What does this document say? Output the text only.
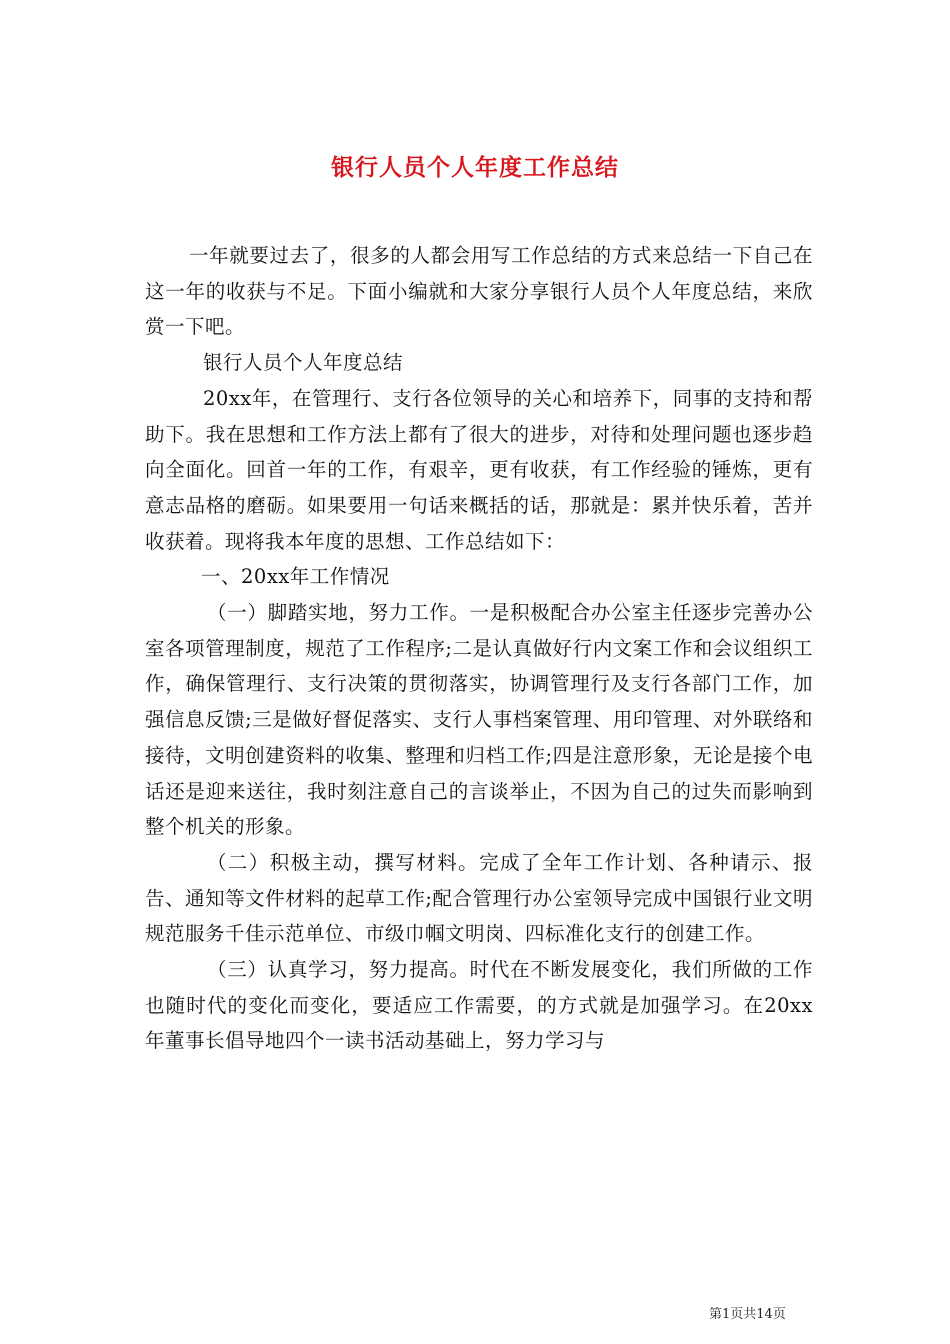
银行人员个人年度工作总结

一年就要过去了，很多的人都会用写工作总结的方式来总结一下自己在这一年的收获与不足。下面小编就和大家分享银行人员个人年度总结，来欣赏一下吧。

银行人员个人年度总结

20xx年，在管理行、支行各位领导的关心和培养下，同事的支持和帮助下。我在思想和工作方法上都有了很大的进步，对待和处理问题也逐步趋向全面化。回首一年的工作，有艰辛，更有收获，有工作经验的锤炼，更有意志品格的磨砺。如果要用一句话来概括的话，那就是：累并快乐着，苦并收获着。现将我本年度的思想、工作总结如下：

一、20xx年工作情况

（一）脚踏实地，努力工作。一是积极配合办公室主任逐步完善办公室各项管理制度，规范了工作程序;二是认真做好行内文案工作和会议组织工作，确保管理行、支行决策的贯彻落实，协调管理行及支行各部门工作，加强信息反馈;三是做好督促落实、支行人事档案管理、用印管理、对外联络和接待，文明创建资料的收集、整理和归档工作;四是注意形象，无论是接个电话还是迎来送往，我时刻注意自己的言谈举止，不因为自己的过失而影响到整个机关的形象。

（二）积极主动，撰写材料。完成了全年工作计划、各种请示、报告、通知等文件材料的起草工作;配合管理行办公室领导完成中国银行业文明规范服务千佳示范单位、市级巾帼文明岗、四标准化支行的创建工作。

（三）认真学习，努力提高。时代在不断发展变化，我们所做的工作也随时代的变化而变化，要适应工作需要，的方式就是加强学习。在20xx年董事长倡导地四个一读书活动基础上，努力学习与

第1页共14页
